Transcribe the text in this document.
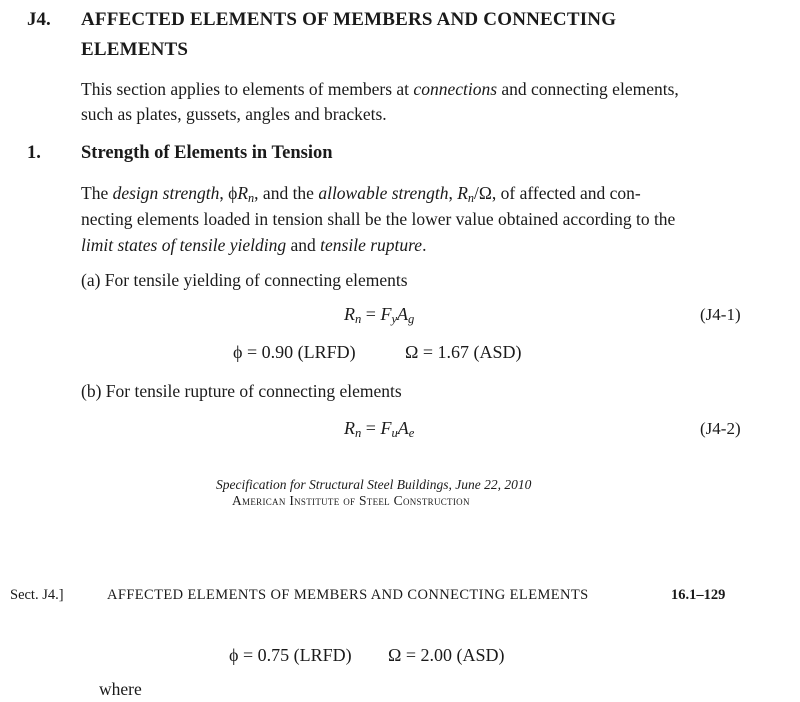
J4. AFFECTED ELEMENTS OF MEMBERS AND CONNECTING
ELEMENTS
This section applies to elements of members at connections and connecting elements,
such as plates, gussets, angles and brackets.
1. Strength of Elements in Tension
The design strength, $\phi R_n$, and the allowable strength, $R_n/\Omega$, of affected and con-
necting elements loaded in tension shall be the lower value obtained according to the
limit states of tensile yielding and tensile rupture.
(a) For tensile yielding of connecting elements
$R_n = F_yA_g$	(J4-1)
ϕ = 0.90 (LRFD)	Ω = 1.67 (ASD)
(b) For tensile rupture of connecting elements
$R_n = F_uA_e$	(J4-2)
Specification for Structural Steel Buildings, June 22, 2010
American Institute of Steel Construction
Sect. J4.]	AFFECTED ELEMENTS OF MEMBERS AND CONNECTING ELEMENTS	16.1–129
ϕ = 0.75 (LRFD) Ω = 2.00 (ASD)
where
